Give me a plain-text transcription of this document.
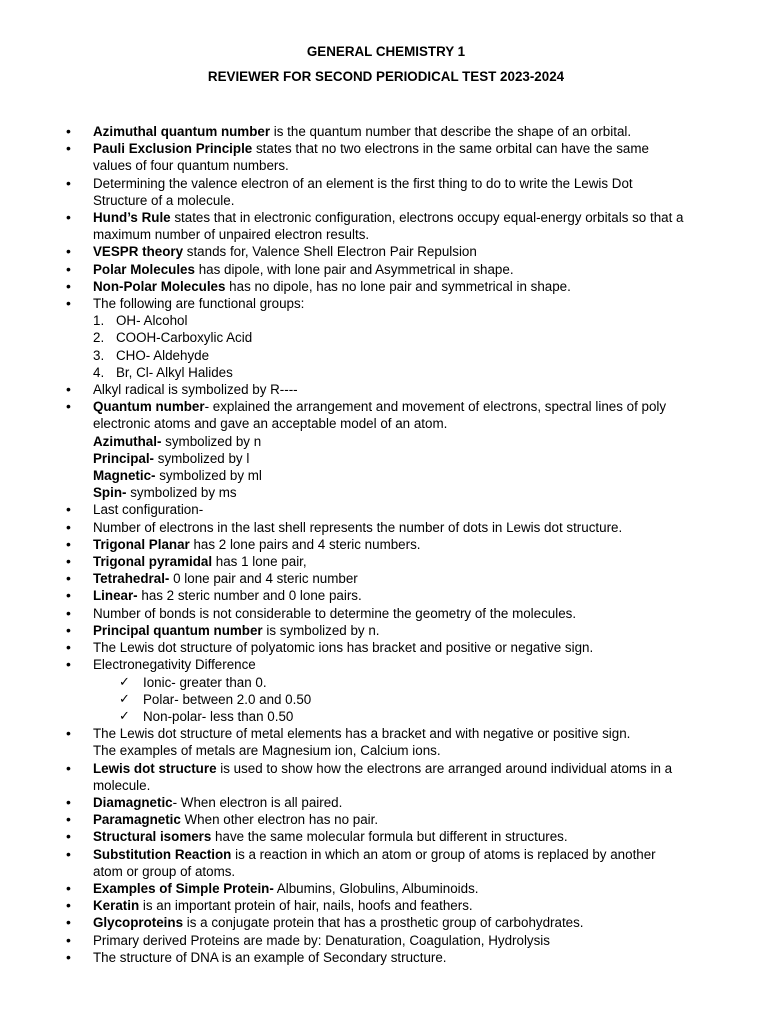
GENERAL CHEMISTRY 1
REVIEWER FOR SECOND PERIODICAL TEST 2023-2024
• Azimuthal quantum number is the quantum number that describe the shape of an orbital.
• Pauli Exclusion Principle states that no two electrons in the same orbital can have the same
values of four quantum numbers.
• Determining the valence electron of an element is the first thing to do to write the Lewis Dot
Structure of a molecule.
• Hund’s Rule states that in electronic configuration, electrons occupy equal-energy orbitals so that a
maximum number of unpaired electron results.
• VESPR theory stands for, Valence Shell Electron Pair Repulsion
• Polar Molecules has dipole, with lone pair and Asymmetrical in shape.
• Non-Polar Molecules has no dipole, has no lone pair and symmetrical in shape.
• The following are functional groups:
1. OH- Alcohol
2. COOH-Carboxylic Acid
3. CHO- Aldehyde
4. Br, Cl- Alkyl Halides
• Alkyl radical is symbolized by R----
• Quantum number- explained the arrangement and movement of electrons, spectral lines of poly
electronic atoms and gave an acceptable model of an atom.
Azimuthal- symbolized by n
Principal- symbolized by l
Magnetic- symbolized by ml
Spin- symbolized by ms
• Last configuration-
• Number of electrons in the last shell represents the number of dots in Lewis dot structure.
• Trigonal Planar has 2 lone pairs and 4 steric numbers.
• Trigonal pyramidal has 1 lone pair,
• Tetrahedral- 0 lone pair and 4 steric number
• Linear- has 2 steric number and 0 lone pairs.
• Number of bonds is not considerable to determine the geometry of the molecules.
• Principal quantum number is symbolized by n.
• The Lewis dot structure of polyatomic ions has bracket and positive or negative sign.
• Electronegativity Difference
✓ Ionic- greater than 0.
✓ Polar- between 2.0 and 0.50
✓ Non-polar- less than 0.50
• The Lewis dot structure of metal elements has a bracket and with negative or positive sign.
The examples of metals are Magnesium ion, Calcium ions.
• Lewis dot structure is used to show how the electrons are arranged around individual atoms in a
molecule.
• Diamagnetic- When electron is all paired.
• Paramagnetic When other electron has no pair.
• Structural isomers have the same molecular formula but different in structures.
• Substitution Reaction is a reaction in which an atom or group of atoms is replaced by another
atom or group of atoms.
• Examples of Simple Protein- Albumins, Globulins, Albuminoids.
• Keratin is an important protein of hair, nails, hoofs and feathers.
• Glycoproteins is a conjugate protein that has a prosthetic group of carbohydrates.
• Primary derived Proteins are made by: Denaturation, Coagulation, Hydrolysis
• The structure of DNA is an example of Secondary structure.
